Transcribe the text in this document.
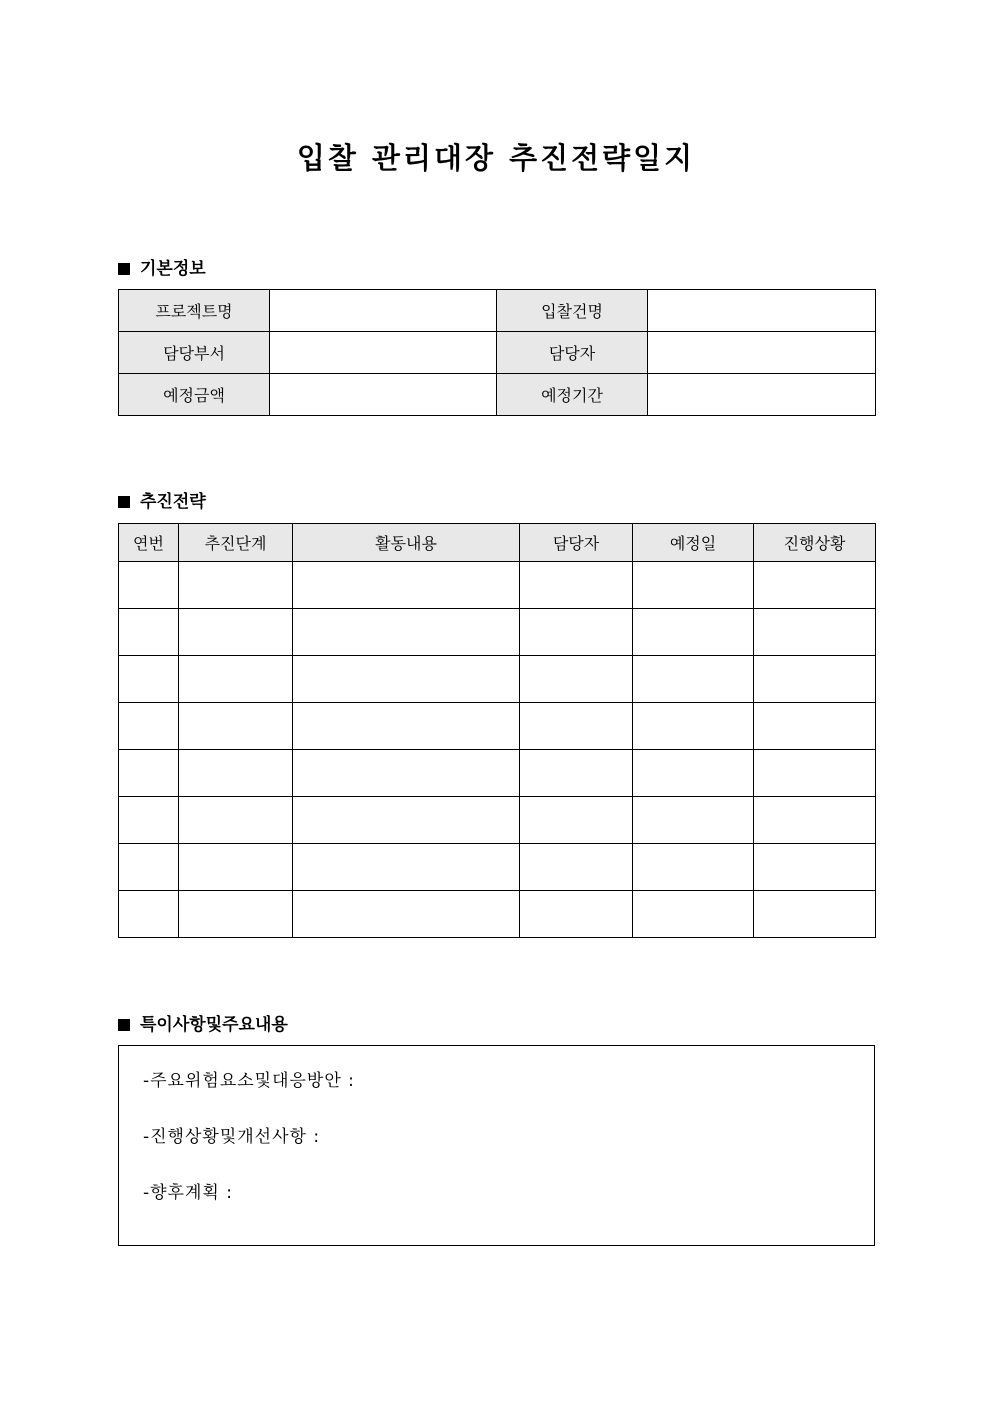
입찰 관리대장 추진전략일지
기본정보
프로젝트명		입찰건명	
담당부서		담당자	
예정금액		예정기간	
추진전략
연번	추진단계	활동내용	담당자	예정일	진행상황

특이사항및주요내용
-주요위험요소및대응방안 :
-진행상황및개선사항 :
-향후계획 :
